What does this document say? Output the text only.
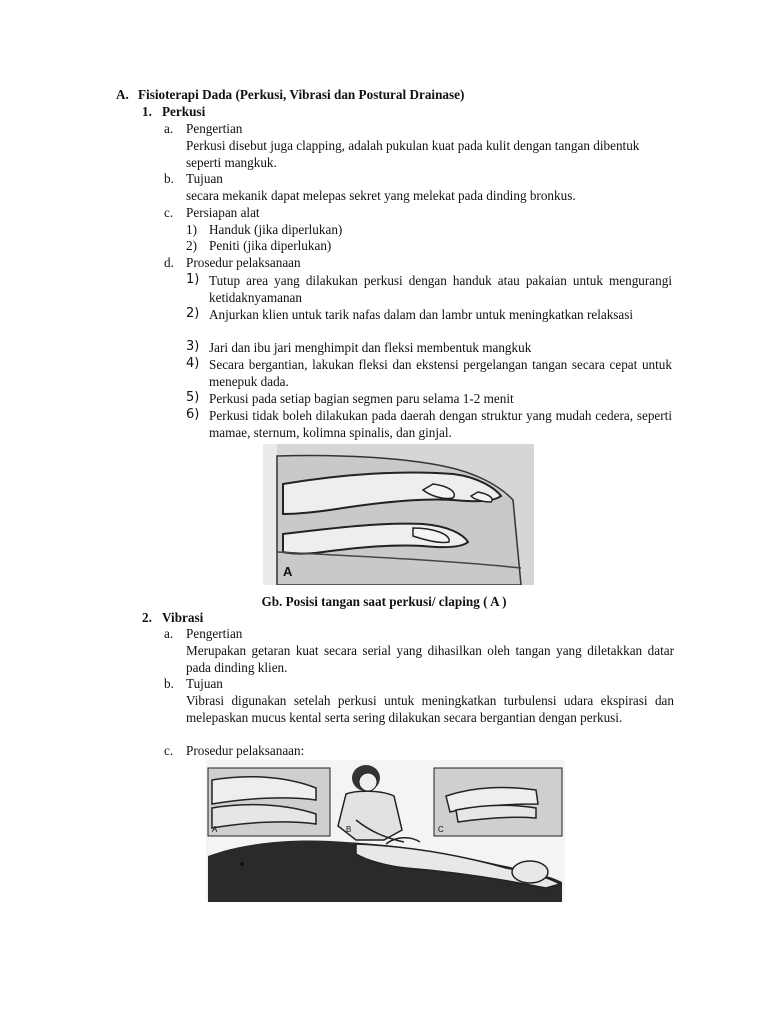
A. Fisioterapi Dada (Perkusi, Vibrasi dan Postural Drainase)
1. Perkusi
a. Pengertian
Perkusi disebut juga clapping, adalah pukulan kuat pada kulit dengan tangan dibentuk seperti mangkuk.
b. Tujuan
secara mekanik dapat melepas sekret yang melekat pada dinding bronkus.
c. Persiapan alat
1) Handuk (jika diperlukan)
2) Peniti (jika diperlukan)
d. Prosedur pelaksanaan
1) Tutup area yang dilakukan perkusi dengan handuk atau pakaian untuk mengurangi ketidaknyamanan
2) Anjurkan klien untuk tarik nafas dalam dan lambr untuk meningkatkan relaksasi
3) Jari dan ibu jari menghimpit dan fleksi membentuk mangkuk
4) Secara bergantian, lakukan fleksi dan ekstensi pergelangan tangan secara cepat untuk menepuk dada.
5) Perkusi pada setiap bagian segmen paru selama 1-2 menit
6) Perkusi tidak boleh dilakukan pada daerah dengan struktur yang mudah cedera, seperti mamae, sternum, kolimna spinalis, dan ginjal.
A
Gb. Posisi tangan saat perkusi/ claping ( A )
2. Vibrasi
a. Pengertian
Merupakan getaran kuat secara serial yang dihasilkan oleh tangan yang diletakkan datar pada dinding klien.
b. Tujuan
Vibrasi digunakan setelah perkusi untuk meningkatkan turbulensi udara ekspirasi dan melepaskan mucus kental serta sering dilakukan secara bergantian dengan perkusi.
c. Prosedur pelaksanaan:
A	B	C
